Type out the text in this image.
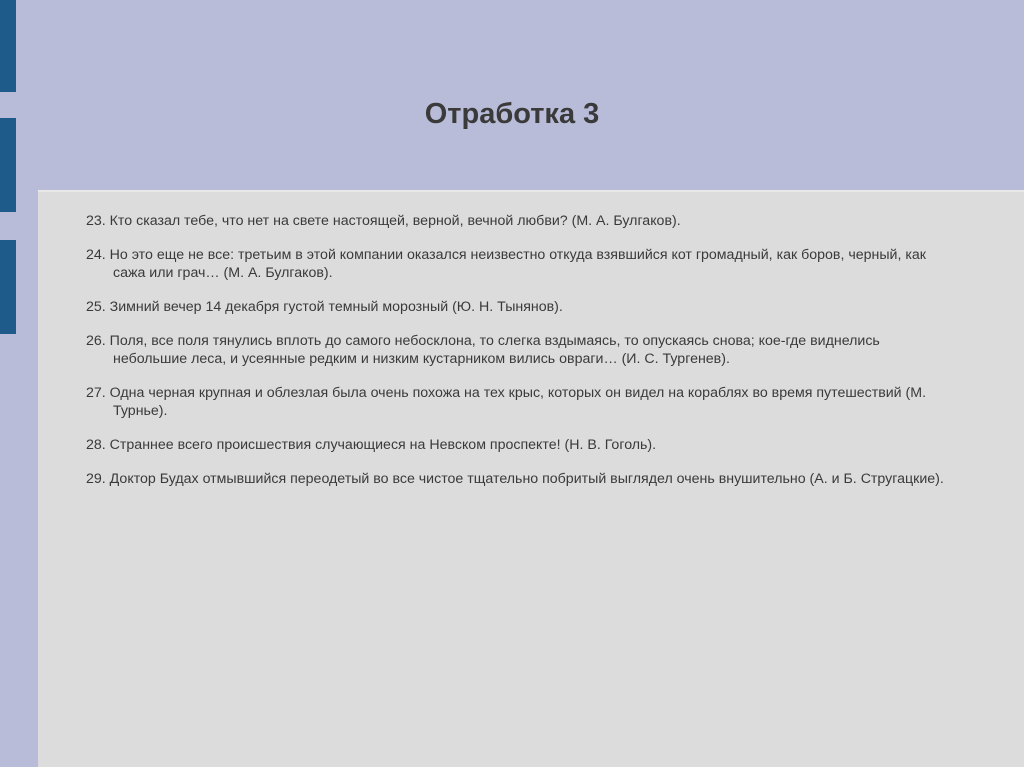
Отработка 3
23. Кто сказал тебе, что нет на свете настоящей, верной, вечной любви? (М. А. Булгаков).
24. Но это еще не все: третьим в этой компании оказался неизвестно откуда взявшийся кот громадный, как боров, черный, как сажа или грач… (М. А. Булгаков).
25. Зимний вечер 14 декабря густой темный морозный (Ю. Н. Тынянов).
26. Поля, все поля тянулись вплоть до самого небосклона, то слегка вздымаясь, то опускаясь снова; кое-где виднелись небольшие леса, и усеянные редким и низким кустарником вились овраги… (И. С. Тургенев).
27. Одна черная крупная и облезлая была очень похожа на тех крыс, которых он видел на кораблях во время путешествий (М. Турнье).
28. Страннее всего происшествия случающиеся на Невском проспекте! (Н. В. Гоголь).
29. Доктор Будах отмывшийся переодетый во все чистое тщательно побритый выглядел очень внушительно (А. и Б. Стругацкие).
